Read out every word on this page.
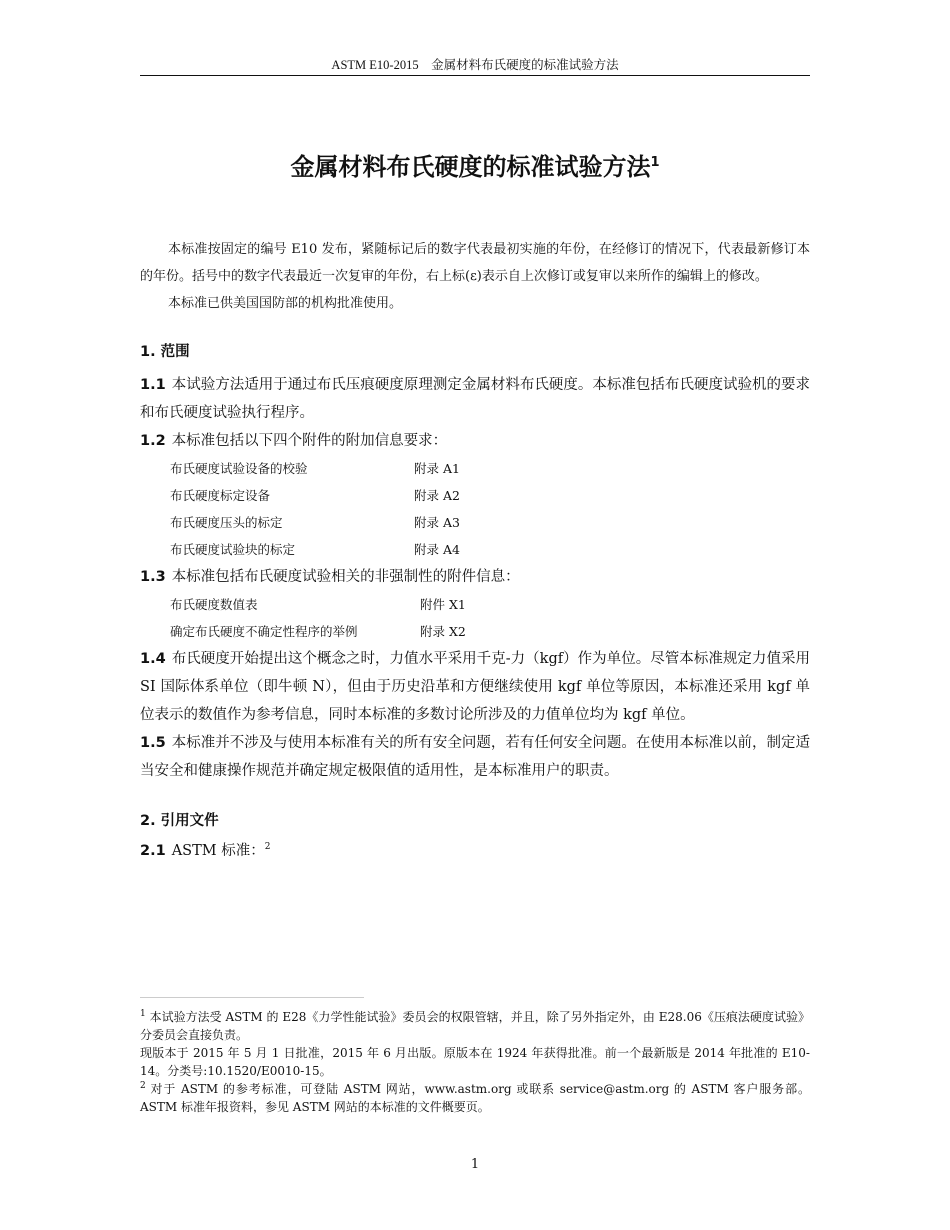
ASTM E10-2015　金属材料布氏硬度的标准试验方法
金属材料布氏硬度的标准试验方法$^1$

本标准按固定的编号 E10 发布，紧随标记后的数字代表最初实施的年份，在经修订的情况下，代表最新修订本的年份。括号中的数字代表最近一次复审的年份，右上标(ε)表示自上次修订或复审以来所作的编辑上的修改。

本标准已供美国国防部的机构批准使用。

1. 范围

1.1 本试验方法适用于通过布氏压痕硬度原理测定金属材料布氏硬度。本标准包括布氏硬度试验机的要求和布氏硬度试验执行程序。

1.2 本标准包括以下四个附件的附加信息要求：

布氏硬度试验设备的校验	附录 A1
布氏硬度标定设备	附录 A2
布氏硬度压头的标定	附录 A3
布氏硬度试验块的标定	附录 A4

1.3 本标准包括布氏硬度试验相关的非强制性的附件信息：

布氏硬度数值表	附件 X1
确定布氏硬度不确定性程序的举例	附录 X2

1.4 布氏硬度开始提出这个概念之时，力值水平采用千克-力（kgf）作为单位。尽管本标准规定力值采用 SI 国际体系单位（即牛顿 N），但由于历史沿革和方便继续使用 kgf 单位等原因，本标准还采用 kgf 单位表示的数值作为参考信息，同时本标准的多数讨论所涉及的力值单位均为 kgf 单位。

1.5 本标准并不涉及与使用本标准有关的所有安全问题，若有任何安全问题。在使用本标准以前，制定适当安全和健康操作规范并确定规定极限值的适用性，是本标准用户的职责。

2. 引用文件

2.1 ASTM 标准：$^2$

$^1$ 本试验方法受 ASTM 的 E28《力学性能试验》委员会的权限管辖，并且，除了另外指定外，由 E28.06《压痕法硬度试验》分委员会直接负责。

现版本于 2015 年 5 月 1 日批准，2015 年 6 月出版。原版本在 1924 年获得批准。前一个最新版是 2014 年批准的 E10-14。分类号:10.1520/E0010-15。

$^2$ 对于 ASTM 的参考标准，可登陆 ASTM 网站，www.astm.org 或联系 service@astm.org 的 ASTM 客户服务部。ASTM 标准年报资料，参见 ASTM 网站的本标准的文件概要页。

1
